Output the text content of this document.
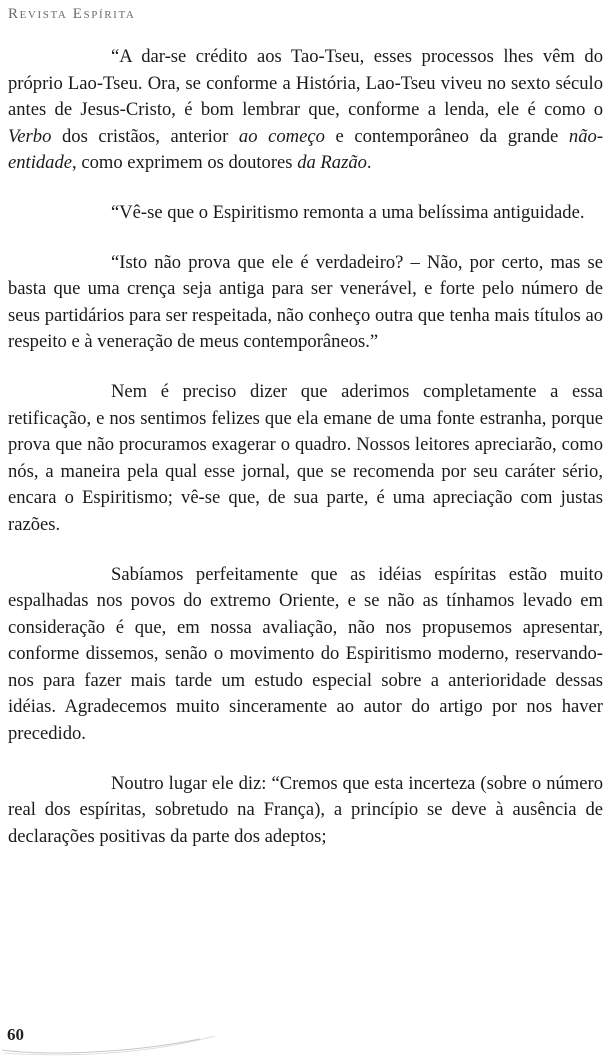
Revista Espírita

“A dar-se crédito aos Tao-Tseu, esses processos lhes vêm do próprio Lao-Tseu. Ora, se conforme a História, Lao-Tseu viveu no sexto século antes de Jesus-Cristo, é bom lembrar que, conforme a lenda, ele é como o Verbo dos cristãos, anterior ao começo e contemporâneo da grande não-entidade, como exprimem os doutores da Razão.

“Vê-se que o Espiritismo remonta a uma belíssima antiguidade.

“Isto não prova que ele é verdadeiro? – Não, por certo, mas se basta que uma crença seja antiga para ser venerável, e forte pelo número de seus partidários para ser respeitada, não conheço outra que tenha mais títulos ao respeito e à veneração de meus contemporâneos.”

Nem é preciso dizer que aderimos completamente a essa retificação, e nos sentimos felizes que ela emane de uma fonte estranha, porque prova que não procuramos exagerar o quadro. Nossos leitores apreciarão, como nós, a maneira pela qual esse jornal, que se recomenda por seu caráter sério, encara o Espiritismo; vê-se que, de sua parte, é uma apreciação com justas razões.

Sabíamos perfeitamente que as idéias espíritas estão muito espalhadas nos povos do extremo Oriente, e se não as tínhamos levado em consideração é que, em nossa avaliação, não nos propusemos apresentar, conforme dissemos, senão o movimento do Espiritismo moderno, reservando-nos para fazer mais tarde um estudo especial sobre a anterioridade dessas idéias. Agradecemos muito sinceramente ao autor do artigo por nos haver precedido.

Noutro lugar ele diz: “Cremos que esta incerteza (sobre o número real dos espíritas, sobretudo na França), a princípio se deve à ausência de declarações positivas da parte dos adeptos;

60
